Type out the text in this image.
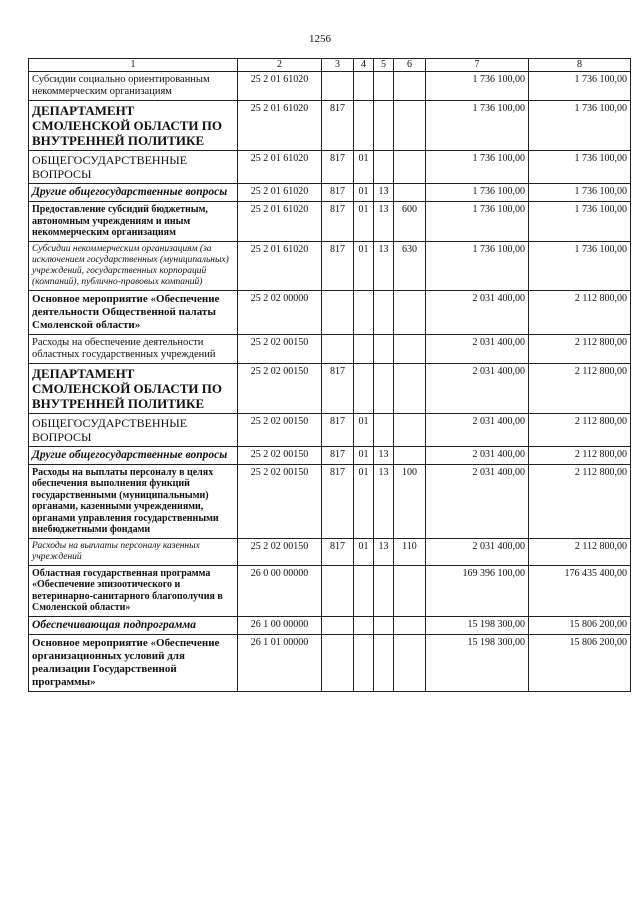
1256
1	2	3	4	5	6	7	8
Субсидии социально ориентированным некоммерческим организациям	25 2 01 61020					1 736 100,00	1 736 100,00
ДЕПАРТАМЕНТ СМОЛЕНСКОЙ ОБЛАСТИ ПО ВНУТРЕННЕЙ ПОЛИТИКЕ	25 2 01 61020	817				1 736 100,00	1 736 100,00
ОБЩЕГОСУДАРСТВЕННЫЕ ВОПРОСЫ	25 2 01 61020	817	01			1 736 100,00	1 736 100,00
Другие общегосударственные вопросы	25 2 01 61020	817	01	13		1 736 100,00	1 736 100,00
Предоставление субсидий бюджетным, автономным учреждениям и иным некоммерческим организациям	25 2 01 61020	817	01	13	600	1 736 100,00	1 736 100,00
Субсидии некоммерческим организациям (за исключением государственных (муниципальных) учреждений, государственных корпораций (компаний), публично-правовых компаний)	25 2 01 61020	817	01	13	630	1 736 100,00	1 736 100,00
Основное мероприятие «Обеспечение деятельности Общественной палаты Смоленской области»	25 2 02 00000					2 031 400,00	2 112 800,00
Расходы на обеспечение деятельности областных государственных учреждений	25 2 02 00150					2 031 400,00	2 112 800,00
ДЕПАРТАМЕНТ СМОЛЕНСКОЙ ОБЛАСТИ ПО ВНУТРЕННЕЙ ПОЛИТИКЕ	25 2 02 00150	817				2 031 400,00	2 112 800,00
ОБЩЕГОСУДАРСТВЕННЫЕ ВОПРОСЫ	25 2 02 00150	817	01			2 031 400,00	2 112 800,00
Другие общегосударственные вопросы	25 2 02 00150	817	01	13		2 031 400,00	2 112 800,00
Расходы на выплаты персоналу в целях обеспечения выполнения функций государственными (муниципальными) органами, казенными учреждениями, органами управления государственными внебюджетными фондами	25 2 02 00150	817	01	13	100	2 031 400,00	2 112 800,00
Расходы на выплаты персоналу казенных учреждений	25 2 02 00150	817	01	13	110	2 031 400,00	2 112 800,00
Областная государственная программа «Обеспечение эпизоотического и ветеринарно-санитарного благополучия в Смоленской области»	26 0 00 00000					169 396 100,00	176 435 400,00
Обеспечивающая подпрограмма	26 1 00 00000					15 198 300,00	15 806 200,00
Основное мероприятие «Обеспечение организационных условий для реализации Государственной программы»	26 1 01 00000					15 198 300,00	15 806 200,00
